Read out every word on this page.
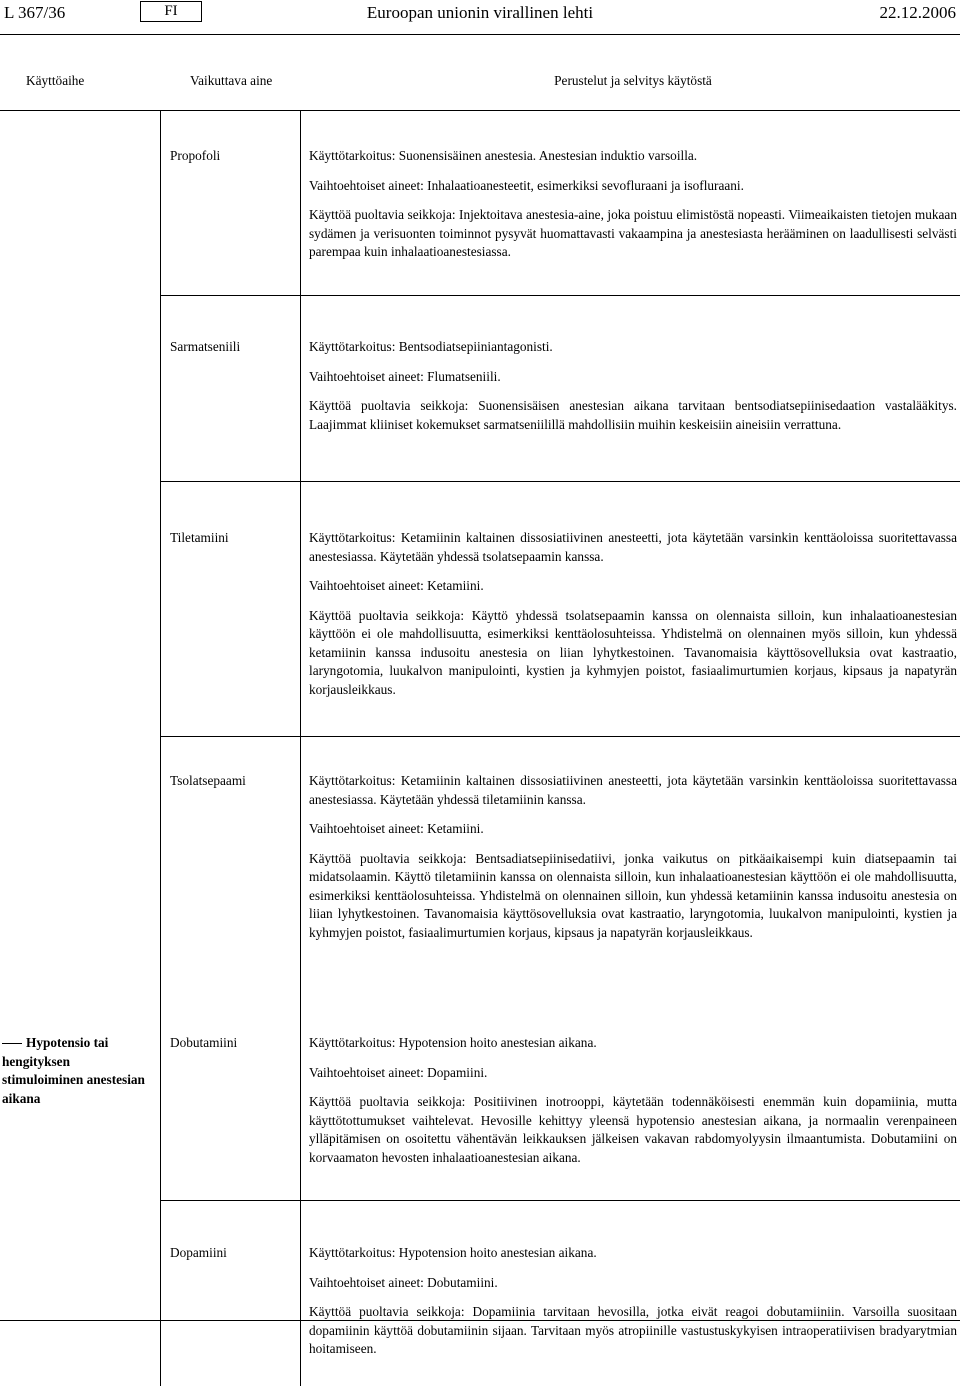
L 367/36	FI	Euroopan unionin virallinen lehti	22.12.2006
Käyttöaihe	Vaikuttava aine	Perustelut ja selvitys käytöstä
Propofoli	Käyttötarkoitus: Suonensisäinen anestesia. Anestesian induktio varsoilla.

Vaihtoehtoiset aineet: Inhalaatioanesteetit, esimerkiksi sevofluraani ja isofluraani.

Käyttöä puoltavia seikkoja: Injektoitava anestesia-aine, joka poistuu elimistöstä nopeasti. Viimeaikaisten tietojen mukaan sydämen ja verisuonten toiminnot pysyvät huomattavasti vakaampina ja anestesiasta herääminen on laadullisesti selvästi parempaa kuin inhalaatioanestesiassa.

Sarmatseniili	Käyttötarkoitus: Bentsodiatsepiiniantagonisti.

Vaihtoehtoiset aineet: Flumatseniili.

Käyttöä puoltavia seikkoja: Suonensisäisen anestesian aikana tarvitaan bentsodiatsepiinisedaation vastalääkitys. Laajimmat kliiniset kokemukset sarmatseniilillä mahdollisiin muihin keskeisiin aineisiin verrattuna.

Tiletamiini	Käyttötarkoitus: Ketamiinin kaltainen dissosiatiivinen anesteetti, jota käytetään varsinkin kenttäoloissa suoritettavassa anestesiassa. Käytetään yhdessä tsolatsepaamin kanssa.

Vaihtoehtoiset aineet: Ketamiini.

Käyttöä puoltavia seikkoja: Käyttö yhdessä tsolatsepaamin kanssa on olennaista silloin, kun inhalaatioanestesian käyttöön ei ole mahdollisuutta, esimerkiksi kenttäolosuhteissa. Yhdistelmä on olennainen myös silloin, kun yhdessä ketamiinin kanssa indusoitu anestesia on liian lyhytkestoinen. Tavanomaisia käyttösovelluksia ovat kastraatio, laryngotomia, luukalvon manipulointi, kystien ja kyhmyjen poistot, fasiaalimurtumien korjaus, kipsaus ja napatyrän korjausleikkaus.

Tsolatsepaami	Käyttötarkoitus: Ketamiinin kaltainen dissosiatiivinen anesteetti, jota käytetään varsinkin kenttäoloissa suoritettavassa anestesiassa. Käytetään yhdessä tiletamiinin kanssa.

Vaihtoehtoiset aineet: Ketamiini.

Käyttöä puoltavia seikkoja: Bentsadiatsepiinisedatiivi, jonka vaikutus on pitkäaikaisempi kuin diatsepaamin tai midatsolaamin. Käyttö tiletamiinin kanssa on olennaista silloin, kun inhalaatioanestesian käyttöön ei ole mahdollisuutta, esimerkiksi kenttäolosuhteissa. Yhdistelmä on olennainen silloin, kun yhdessä ketamiinin kanssa indusoitu anestesia on liian lyhytkestoinen. Tavanomaisia käyttösovelluksia ovat kastraatio, laryngotomia, luukalvon manipulointi, kystien ja kyhmyjen poistot, fasiaalimurtumien korjaus, kipsaus ja napatyrän korjausleikkaus.

Hypotensio tai hengityksen stimuloiminen anestesian aikana
Dobutamiini	Käyttötarkoitus: Hypotension hoito anestesian aikana.

Vaihtoehtoiset aineet: Dopamiini.

Käyttöä puoltavia seikkoja: Positiivinen inotrooppi, käytetään todennäköisesti enemmän kuin dopamiinia, mutta käyttötottumukset vaihtelevat. Hevosille kehittyy yleensä hypotensio anestesian aikana, ja normaalin verenpaineen ylläpitämisen on osoitettu vähentävän leikkauksen jälkeisen vakavan rabdomyolyysin ilmaantumista. Dobutamiini on korvaamaton hevosten inhalaatioanestesian aikana.

Dopamiini	Käyttötarkoitus: Hypotension hoito anestesian aikana.

Vaihtoehtoiset aineet: Dobutamiini.

Käyttöä puoltavia seikkoja: Dopamiinia tarvitaan hevosilla, jotka eivät reagoi dobutamiiniin. Varsoilla suositaan dopamiinin käyttöä dobutamiinin sijaan. Tarvitaan myös atropiinille vastustuskykyisen intraoperatiivisen bradyarytmian hoitamiseen.
